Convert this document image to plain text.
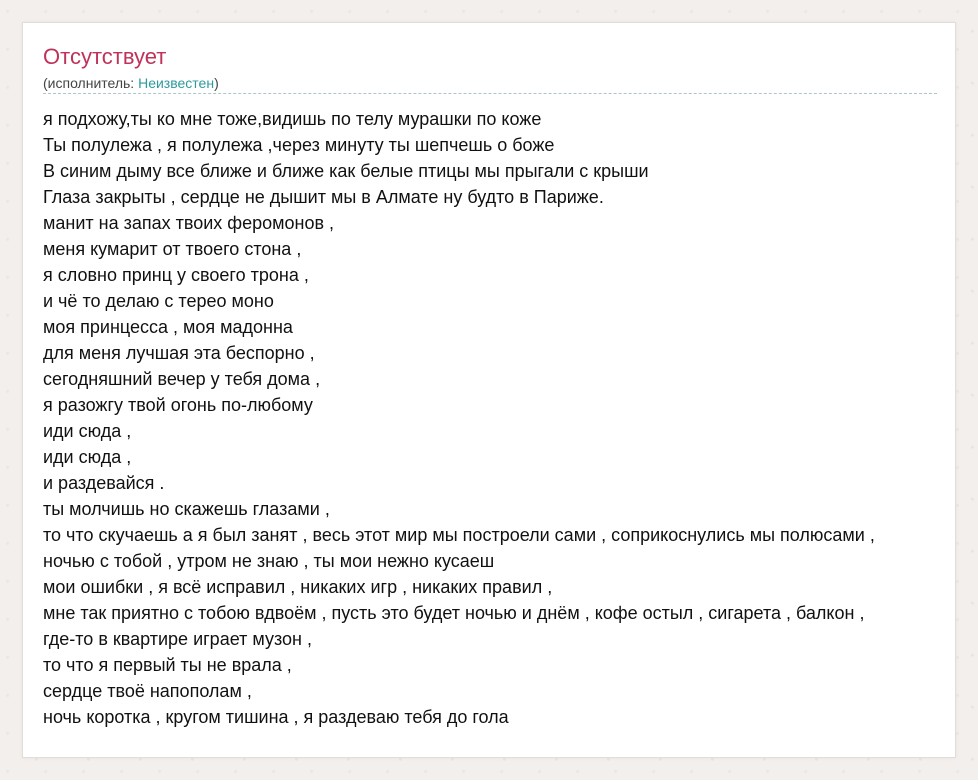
Отсутствует
(исполнитель: Неизвестен)
я подхожу,ты ко мне тоже,видишь по телу мурашки по коже
Ты полулежа , я полулежа ,через минуту ты шепчешь о боже
В синим дыму все ближе и ближе как белые птицы мы прыгали с крыши
Глаза закрыты , сердце не дышит мы в Алмате ну будто в Париже.
манит на запах твоих феромонов ,
меня кумарит от твоего стона ,
я словно принц у своего трона ,
и чё то делаю с терео моно
моя принцесса , моя мадонна
для меня лучшая эта беспорно ,
сегодняшний вечер у тебя дома ,
я разожгу твой огонь по-любому
иди сюда ,
иди сюда ,
и раздевайся .
ты молчишь но скажешь глазами ,
то что скучаешь а я был занят , весь этот мир мы построели сами , соприкоснулись мы полюсами ,
ночью с тобой , утром не знаю , ты мои нежно кусаеш
мои ошибки , я всё исправил , никаких игр , никаких правил ,
мне так приятно с тобою вдвоём , пусть это будет ночью и днём , кофе остыл , сигарета , балкон ,
где-то в квартире играет музон ,
то что я первый ты не врала ,
сердце твоё напополам ,
ночь коротка , кругом тишина , я раздеваю тебя до гола
